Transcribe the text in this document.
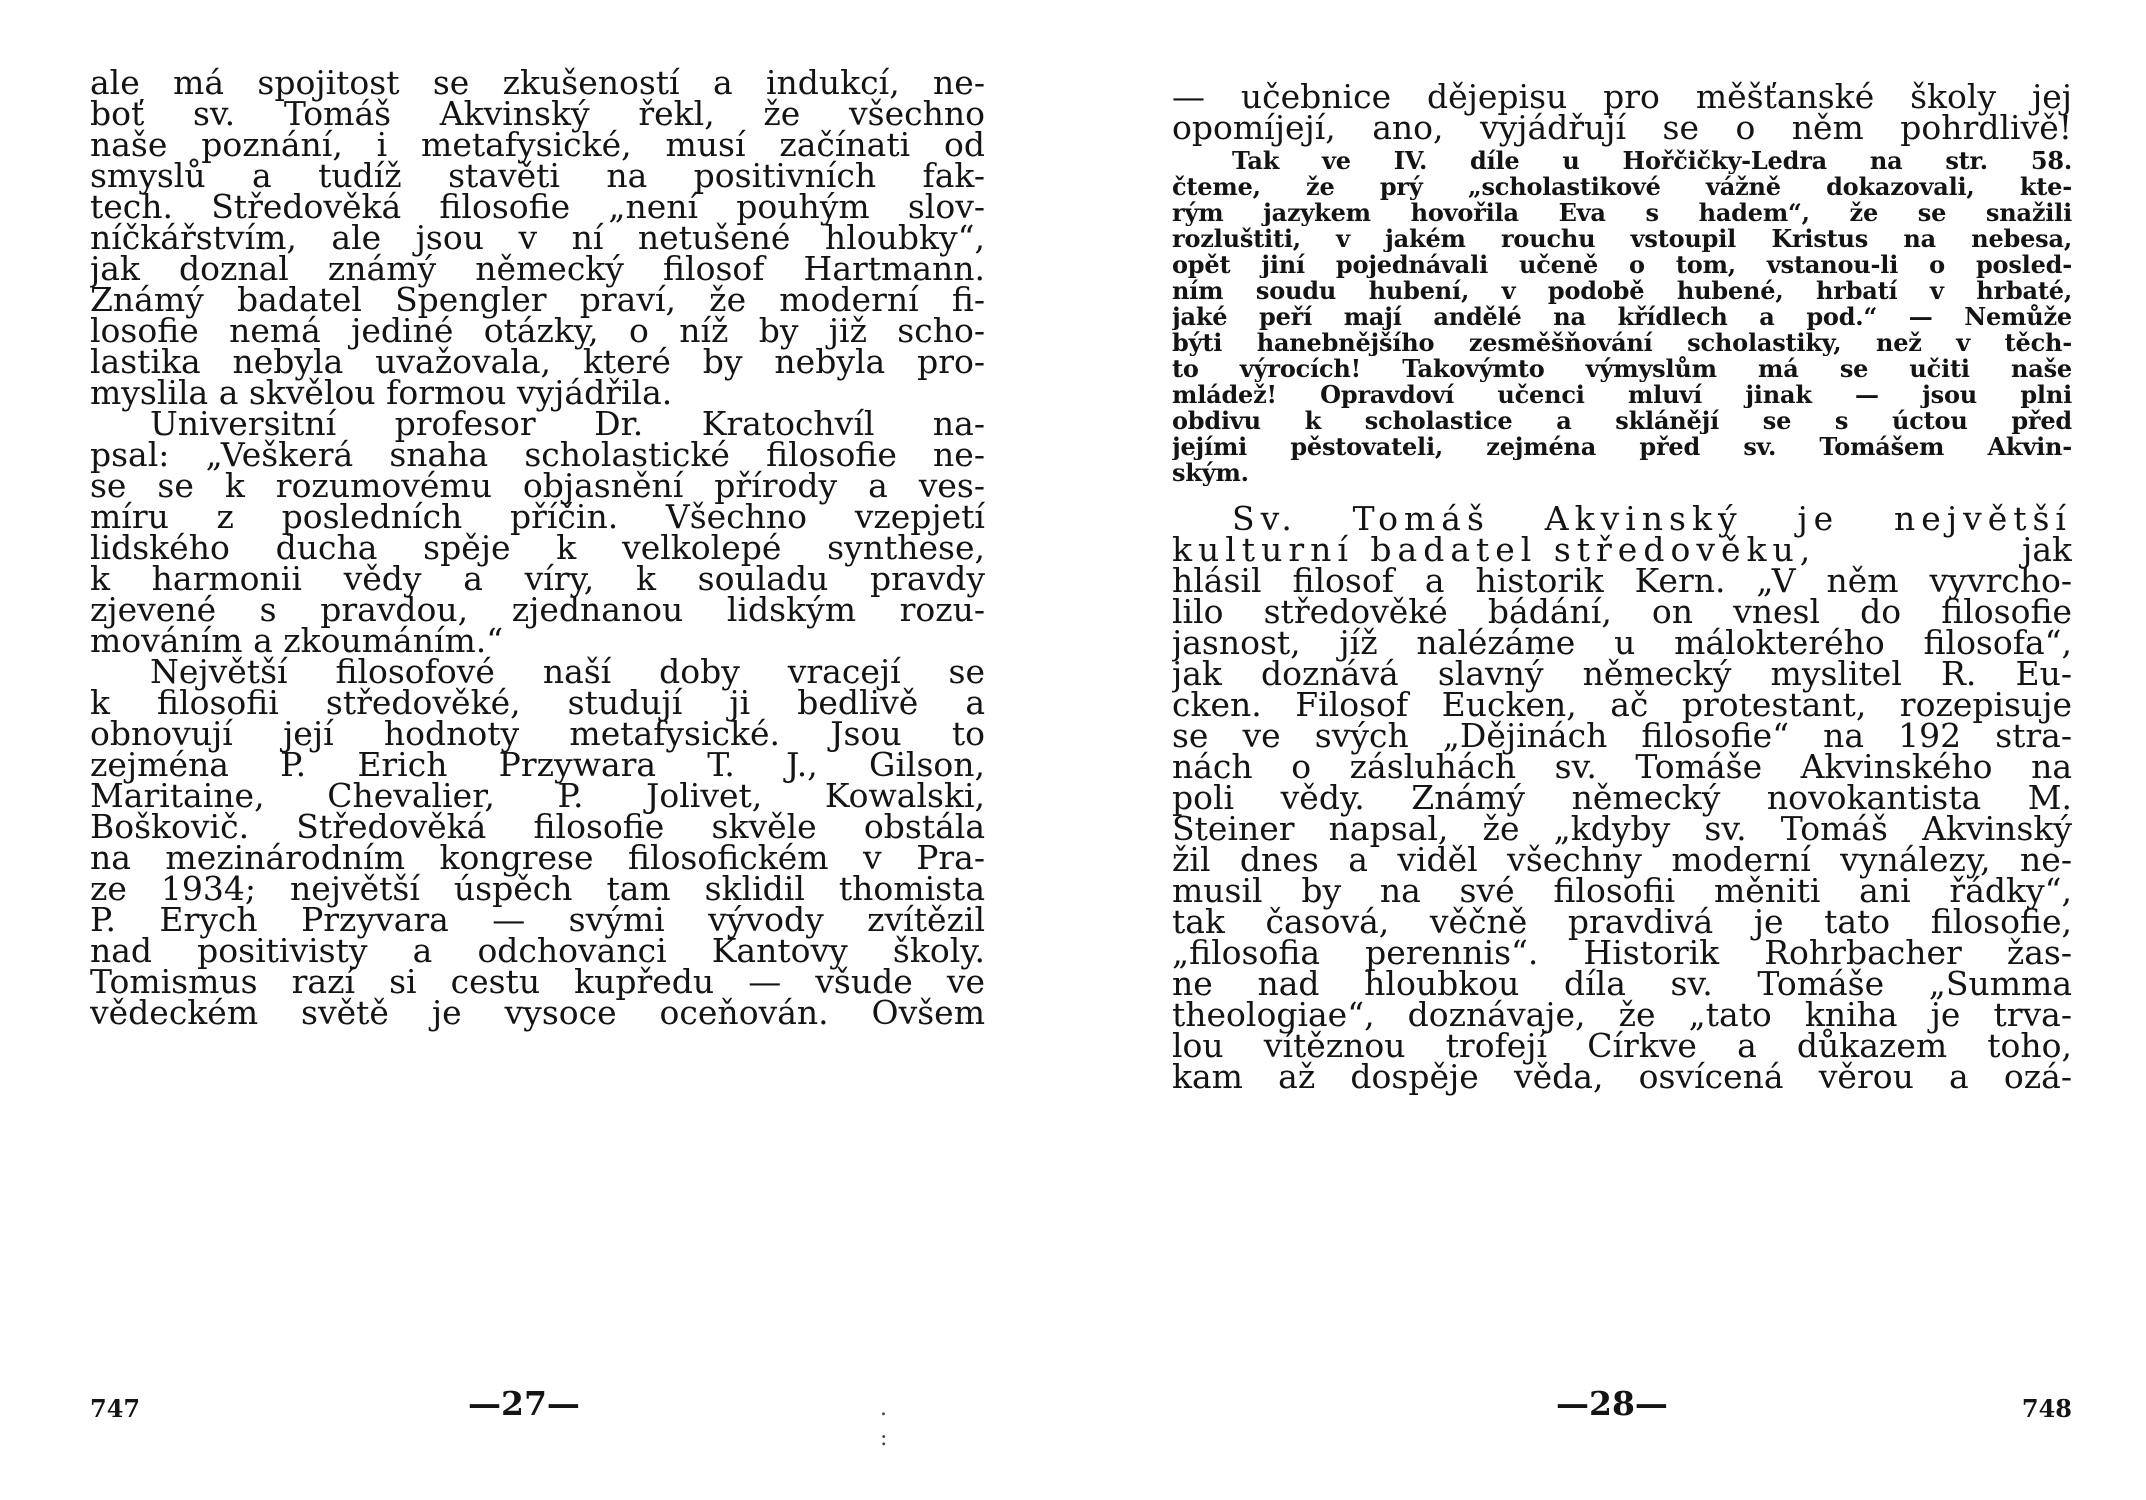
ale má spojitost se zkušeností a indukcí, ne-
boť sv. Tomáš Akvinský řekl, že všechno
naše poznání, i metafysické, musí začínati od
smyslů a tudíž stavěti na positivních fak-
tech. Středověká filosofie „není pouhým slov-
níčkářstvím, ale jsou v ní netušené hloubky“,
jak doznal známý německý filosof Hartmann.
Známý badatel Spengler praví, že moderní fi-
losofie nemá jediné otázky, o níž by již scho-
lastika nebyla uvažovala, které by nebyla pro-
myslila a skvělou formou vyjádřila.
Universitní profesor Dr. Kratochvíl na-
psal: „Veškerá snaha scholastické filosofie ne-
se se k rozumovému objasnění přírody a ves-
míru z posledních příčin. Všechno vzepjetí
lidského ducha spěje k velkolepé synthese,
k harmonii vědy a víry, k souladu pravdy
zjevené s pravdou, zjednanou lidským rozu-
mováním a zkoumáním.“
Největší filosofové naší doby vracejí se
k filosofii středověké, studují ji bedlivě a
obnovují její hodnoty metafysické. Jsou to
zejména P. Erich Przywara T. J., Gilson,
Maritaine, Chevalier, P. Jolivet, Kowalski,
Boškovič. Středověká filosofie skvěle obstála
na mezinárodním kongrese filosofickém v Pra-
ze 1934; největší úspěch tam sklidil thomista
P. Erych Przyvara — svými vývody zvítězil
nad positivisty a odchovanci Kantovy školy.
Tomismus razí si cestu kupředu — všude ve
vědeckém světě je vysoce oceňován. Ovšem
747	—27—	. :
— učebnice dějepisu pro měšťanské školy jej
opomíjejí, ano, vyjádřují se o něm pohrdlivě!
Tak ve IV. díle u Hořčičky-Ledra na str. 58.
čteme, že prý „scholastikové vážně dokazovali, kte-
rým jazykem hovořila Eva s hadem“, že se snažili
rozluštiti, v jakém rouchu vstoupil Kristus na nebesa,
opět jiní pojednávali učeně o tom, vstanou-li o posled-
ním soudu hubení, v podobě hubené, hrbatí v hrbaté,
jaké peří mají andělé na křídlech a pod.“ — Nemůže
býti hanebnějšího zesměšňování scholastiky, než v těch-
to výrocích! Takovýmto výmyslům má se učiti naše
mládež! Opravdoví učenci mluví jinak — jsou plni
obdivu k scholastice a sklánějí se s úctou před
jejími pěstovateli, zejména před sv. Tomášem Akvin-
ským.
Sv. Tomáš Akvinský je největší
kulturní badatel středověku,	jak
hlásil filosof a historik Kern. „V něm vyvrcho-
lilo středověké bádání, on vnesl do filosofie
jasnost, jíž nalézáme u málokterého filosofa“,
jak doznává slavný německý myslitel R. Eu-
cken. Filosof Eucken, ač protestant, rozepisuje
se ve svých „Dějinách filosofie“ na 192 stra-
nách o zásluhách sv. Tomáše Akvinského na
poli vědy. Známý německý novokantista M.
Steiner napsal, že „kdyby sv. Tomáš Akvinský
žil dnes a viděl všechny moderní vynálezy, ne-
musil by na své filosofii měniti ani řádky“,
tak časová, věčně pravdivá je tato filosofie,
„filosofia perennis“. Historik Rohrbacher žas-
ne nad hloubkou díla sv. Tomáše „Summa
theologiae“, doznávaje, že „tato kniha je trva-
lou vítěznou trofejí Církve a důkazem toho,
kam až dospěje věda, osvícená věrou a ozá-
—28—	748
